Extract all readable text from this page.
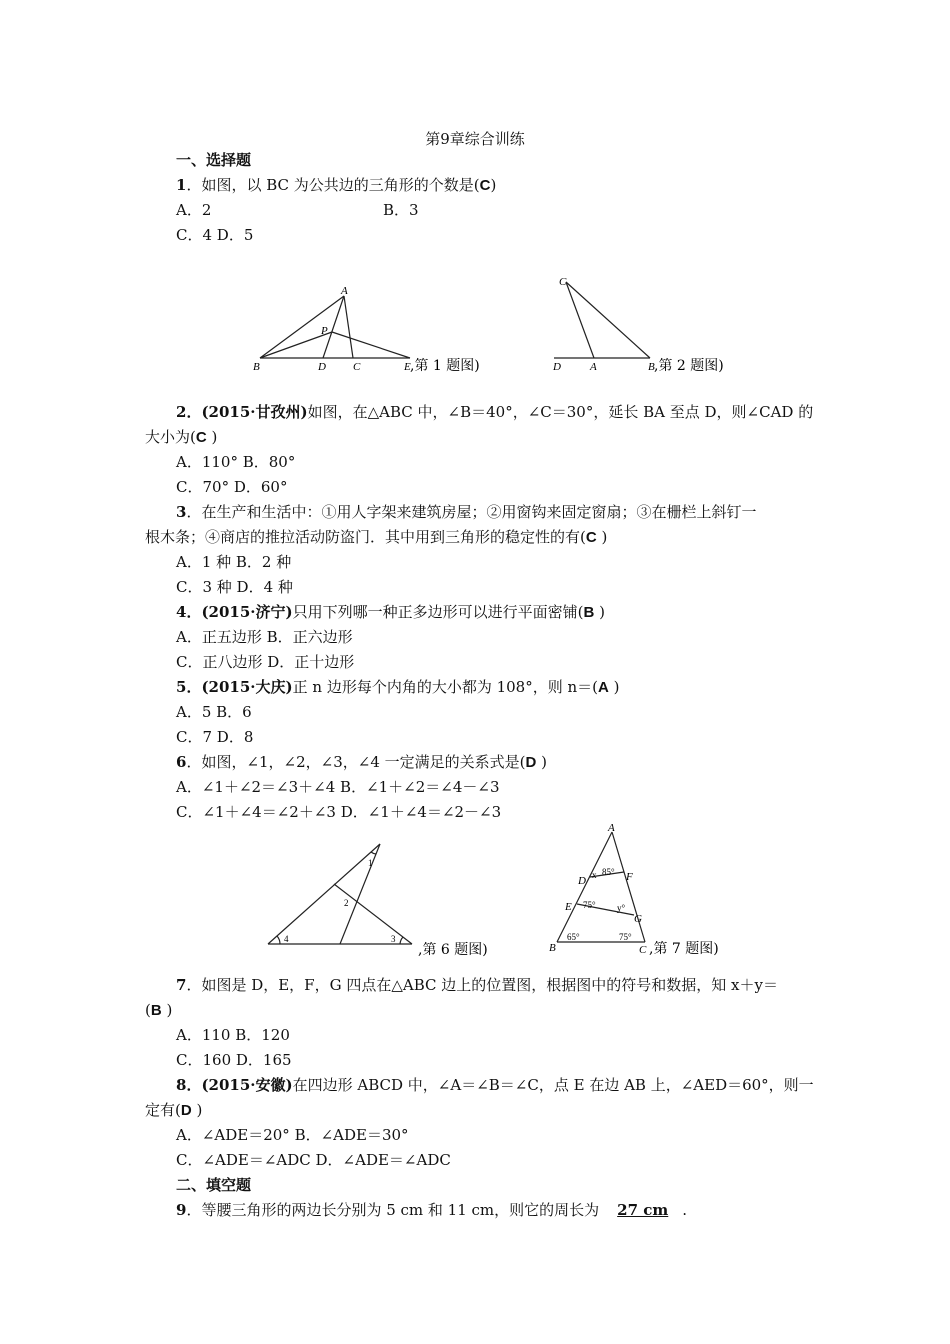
第9章综合训练
一、选择题
1．如图，以 BC 为公共边的三角形的个数是(C)
A．2	B．3
C．4 D．5
A
B
P
D C	E ,第 1 题图)
C
D	A	B ,第 2 题图)
2．(2015·甘孜州)如图，在△ABC 中，∠B＝40°，∠C＝30°，延长 BA 至点 D，则∠CAD 的
大小为(C )
A．110° B．80°
C．70° D．60°
3．在生产和生活中：①用人字架来建筑房屋；②用窗钩来固定窗扇；③在栅栏上斜钉一
根木条；④商店的推拉活动防盗门．其中用到三角形的稳定性的有(C )
A．1 种 B．2 种
C．3 种 D．4 种
4．(2015·济宁)只用下列哪一种正多边形可以进行平面密铺(B )
A．正五边形 B．正六边形
C．正八边形 D．正十边形
5．(2015·大庆)正 n 边形每个内角的大小都为 108°，则 n＝(A )
A．5 B．6
C．7 D．8
6．如图，∠1，∠2，∠3，∠4 一定满足的关系式是(D )
A．∠1＋∠2＝∠3＋∠4 B．∠1＋∠2＝∠4－∠3
C．∠1＋∠4＝∠2＋∠3 D．∠1＋∠4＝∠2－∠3
1
2
3
4
,第 6 题图)
A
B	C
D
E
F
G
x 85°
75° y°
65°	75°
,第 7 题图)
7．如图是 D，E，F，G 四点在△ABC 边上的位置图，根据图中的符号和数据，知 x＋y＝
(B )
A．110 B．120
C．160 D．165
8．(2015·安徽)在四边形 ABCD 中，∠A＝∠B＝∠C，点 E 在边 AB 上，∠AED＝60°，则一
定有(D )
A．∠ADE＝20° B．∠ADE＝30°
C．∠ADE＝∠ADC D．∠ADE＝∠ADC
二、填空题
9．等腰三角形的两边长分别为 5 cm 和 11 cm，则它的周长为 27 cm .
